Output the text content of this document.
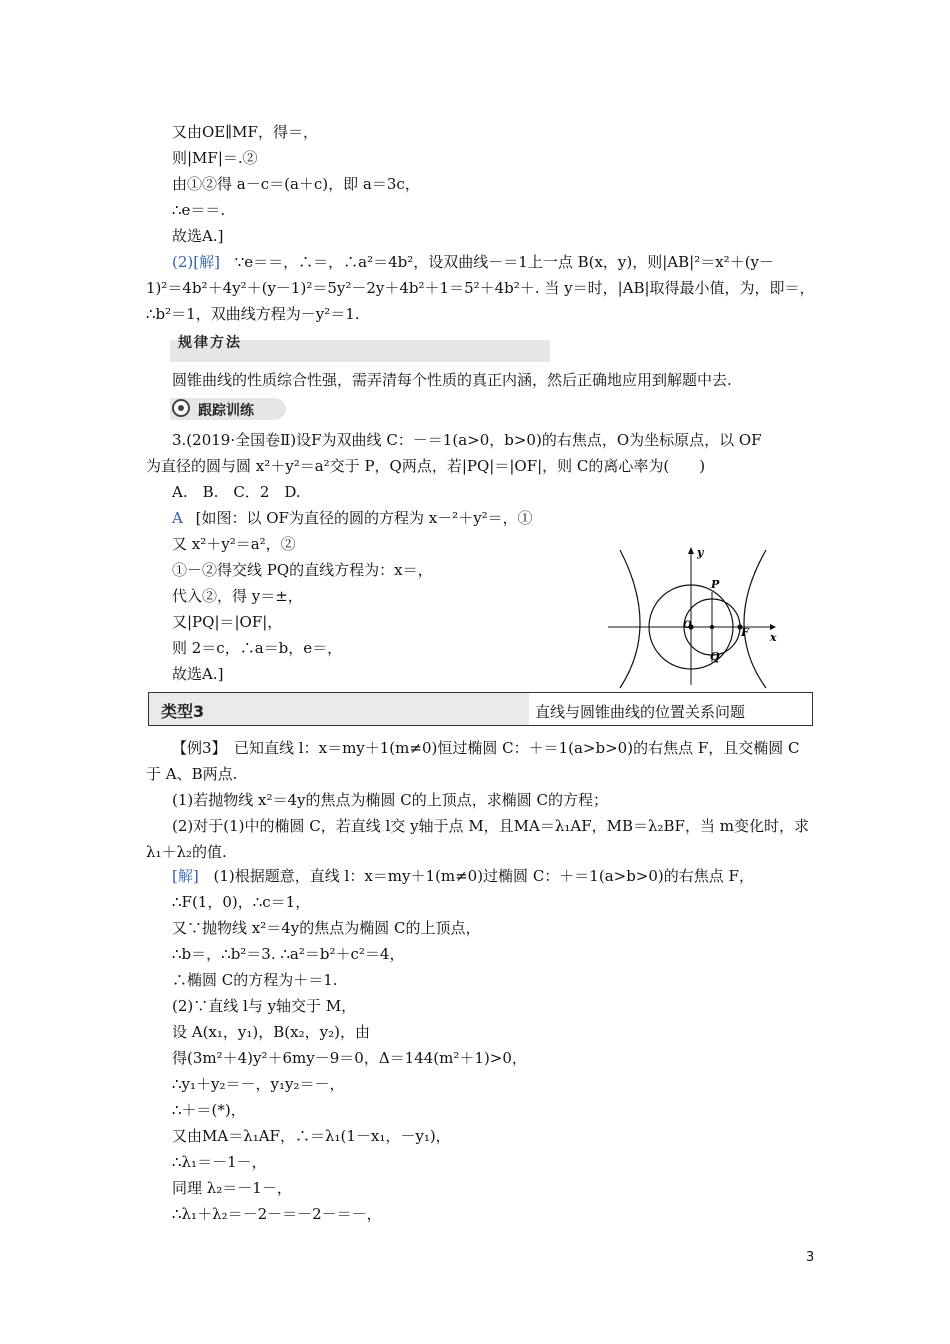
又由OE∥MF，得＝，
则|MF|＝.②
由①②得 a－c＝(a＋c)，即 a＝3c，
∴e＝＝.
故选A.]
(2)[解] ∵e＝＝，∴＝，∴a²＝4b²，设双曲线－＝1上一点 B(x，y)，则|AB|²＝x²＋(y－
1)²＝4b²＋4y²＋(y－1)²＝5y²－2y＋4b²＋1＝5²＋4b²＋. 当 y＝时，|AB|取得最小值，为，即＝，
∴b²＝1，双曲线方程为－y²＝1.
规律方法
圆锥曲线的性质综合性强，需弄清每个性质的真正内涵，然后正确地应用到解题中去.
跟踪训练
3.(2019·全国卷Ⅱ)设F为双曲线 C：－＝1(a>0，b>0)的右焦点，O为坐标原点，以 OF
为直径的圆与圆 x²＋y²＝a²交于 P，Q两点，若|PQ|＝|OF|，则 C的离心率为(　　)
A.　B.　C．2　D.
A [如图：以 OF为直径的圆的方程为 x－²＋y²＝，①
又 x²＋y²＝a²，②
①－②得交线 PQ的直线方程为：x＝，
代入②，得 y＝±，
又|PQ|＝|OF|，
则 2＝c，∴a＝b，e＝，
故选A.]
y
x
P
O
F
Q
类型3	直线与圆锥曲线的位置关系问题
【例3】　已知直线 l：x＝my＋1(m≠0)恒过椭圆 C：＋＝1(a>b>0)的右焦点 F，且交椭圆 C
于 A、B两点.
(1)若抛物线 x²＝4y的焦点为椭圆 C的上顶点，求椭圆 C的方程；
(2)对于(1)中的椭圆 C，若直线 l交 y轴于点 M，且MA＝λ₁AF，MB＝λ₂BF，当 m变化时，求
λ₁＋λ₂的值.
[解] (1)根据题意，直线 l：x＝my＋1(m≠0)过椭圆 C：＋＝1(a>b>0)的右焦点 F，
∴F(1，0)，∴c＝1，
又∵抛物线 x²＝4y的焦点为椭圆 C的上顶点，
∴b＝，∴b²＝3. ∴a²＝b²＋c²＝4，
∴椭圆 C的方程为＋＝1.
(2)∵直线 l与 y轴交于 M，
设 A(x₁，y₁)，B(x₂，y₂)，由
得(3m²＋4)y²＋6my－9＝0，Δ＝144(m²＋1)>0，
∴y₁＋y₂＝－，y₁y₂＝－，
∴＋＝(*)，
又由MA＝λ₁AF，∴＝λ₁(1－x₁，－y₁)，
∴λ₁＝－1－，
同理 λ₂＝－1－，
∴λ₁＋λ₂＝－2－＝－2－＝－，
3
